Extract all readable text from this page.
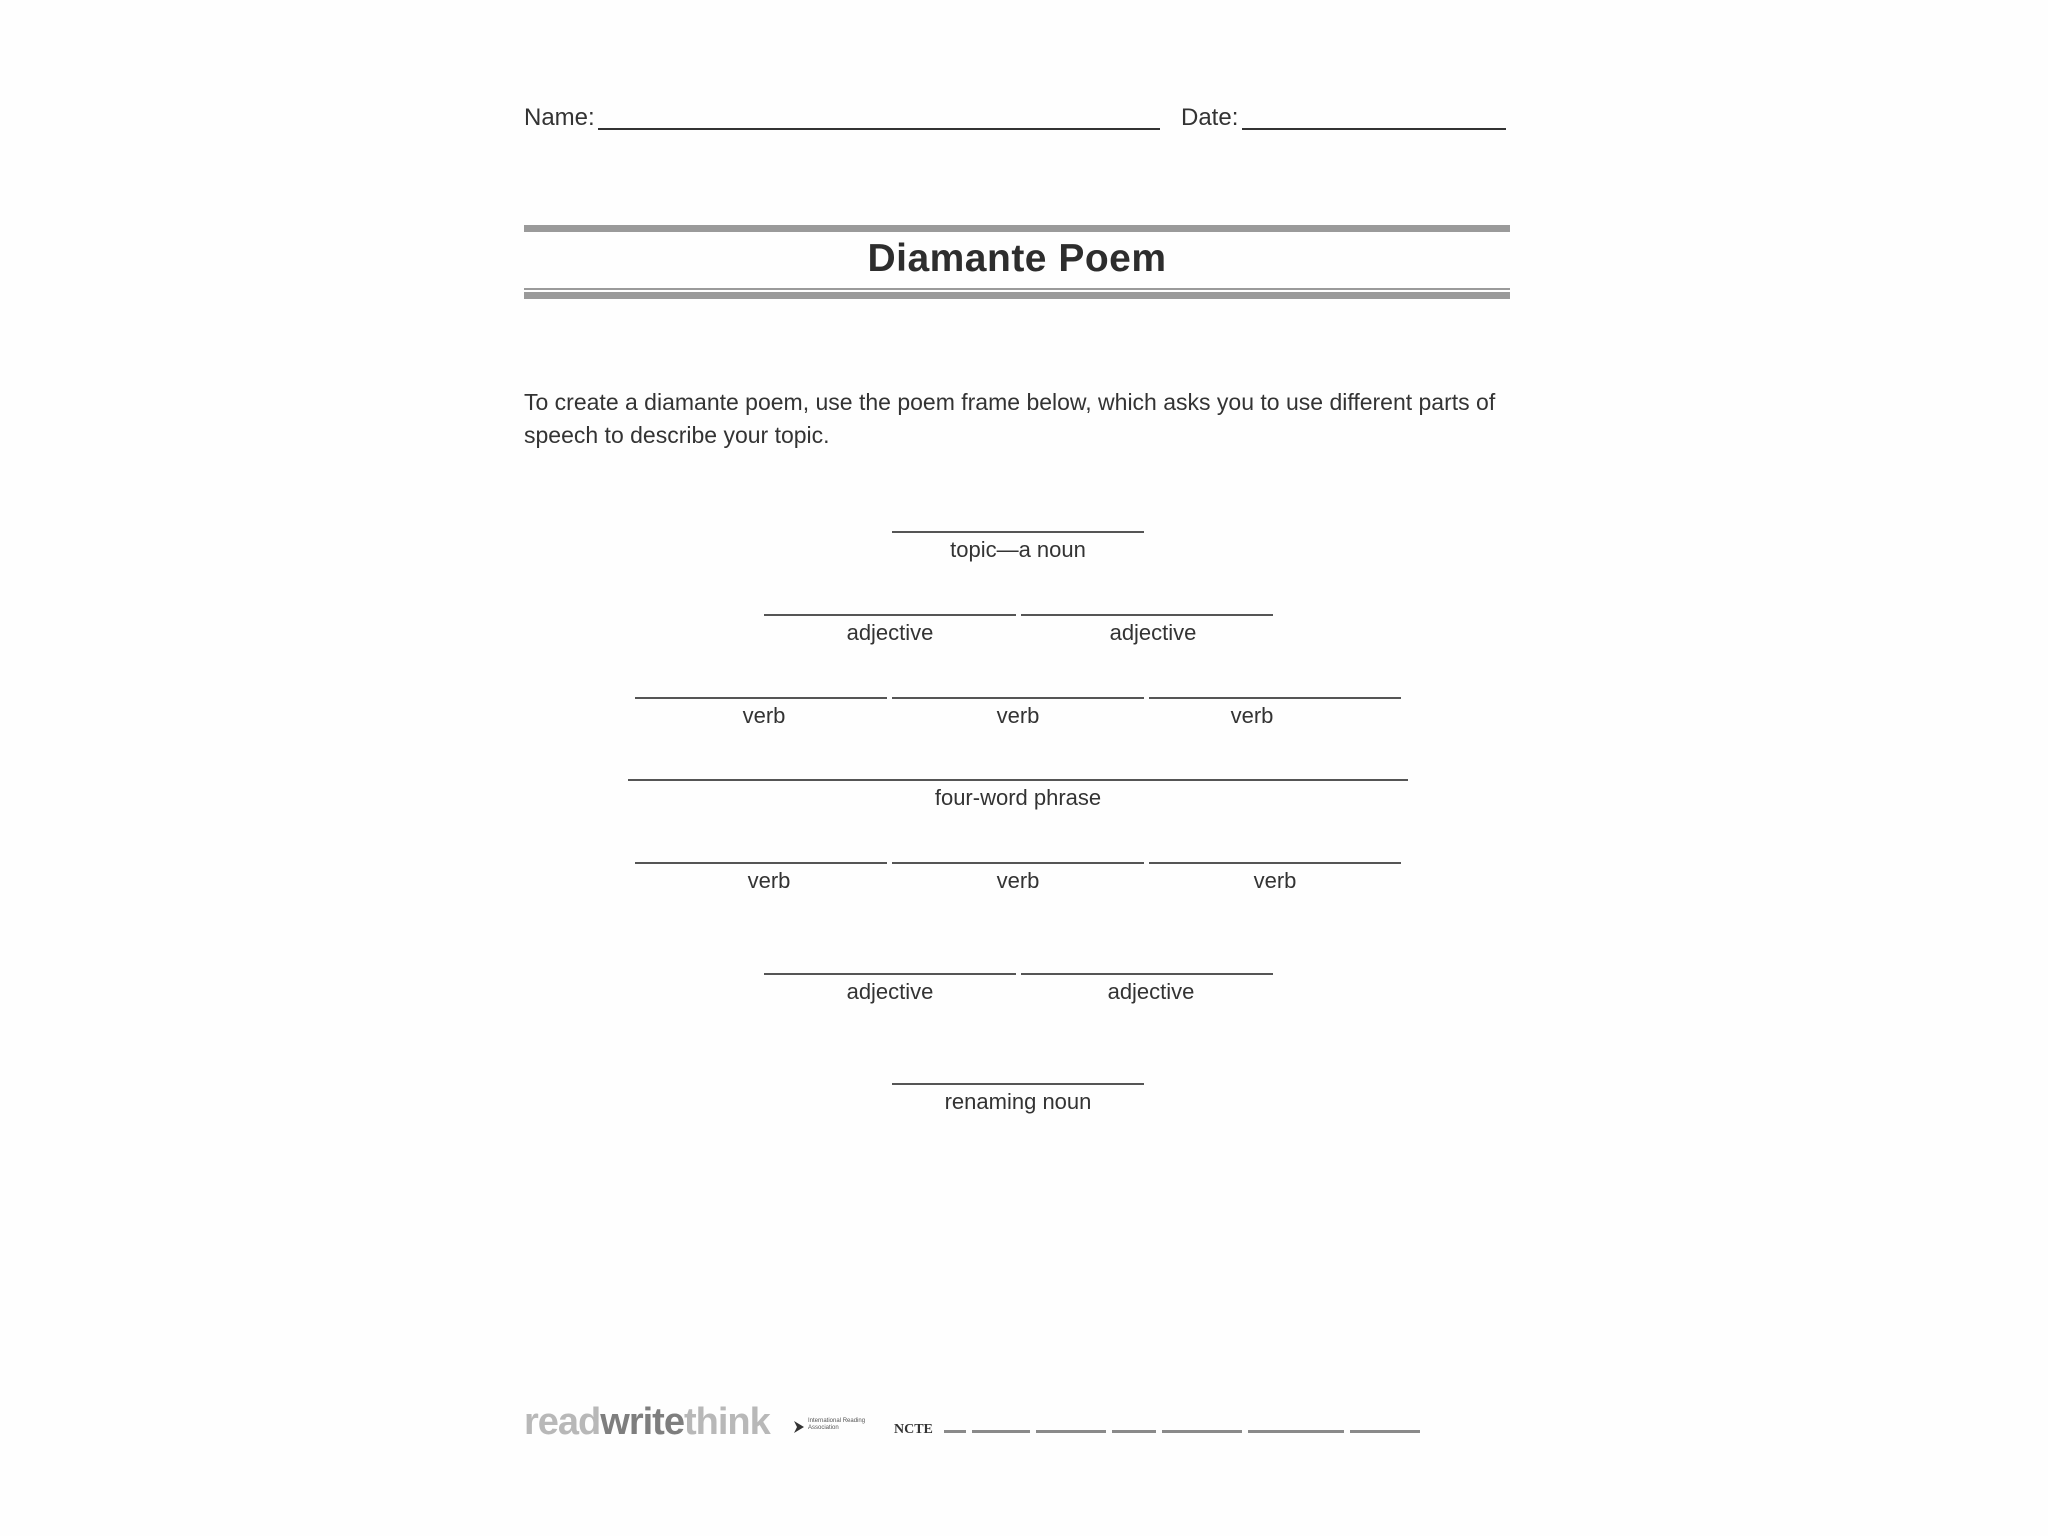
Name:	Date:
Diamante Poem
To create a diamante poem, use the poem frame below, which asks you to use different parts of speech to describe your topic.
topic—a noun
adjective	adjective
verb	verb	verb
four-word phrase
verb	verb	verb
adjective	adjective
renaming noun
readwritethink	International Reading Association	NCTE
